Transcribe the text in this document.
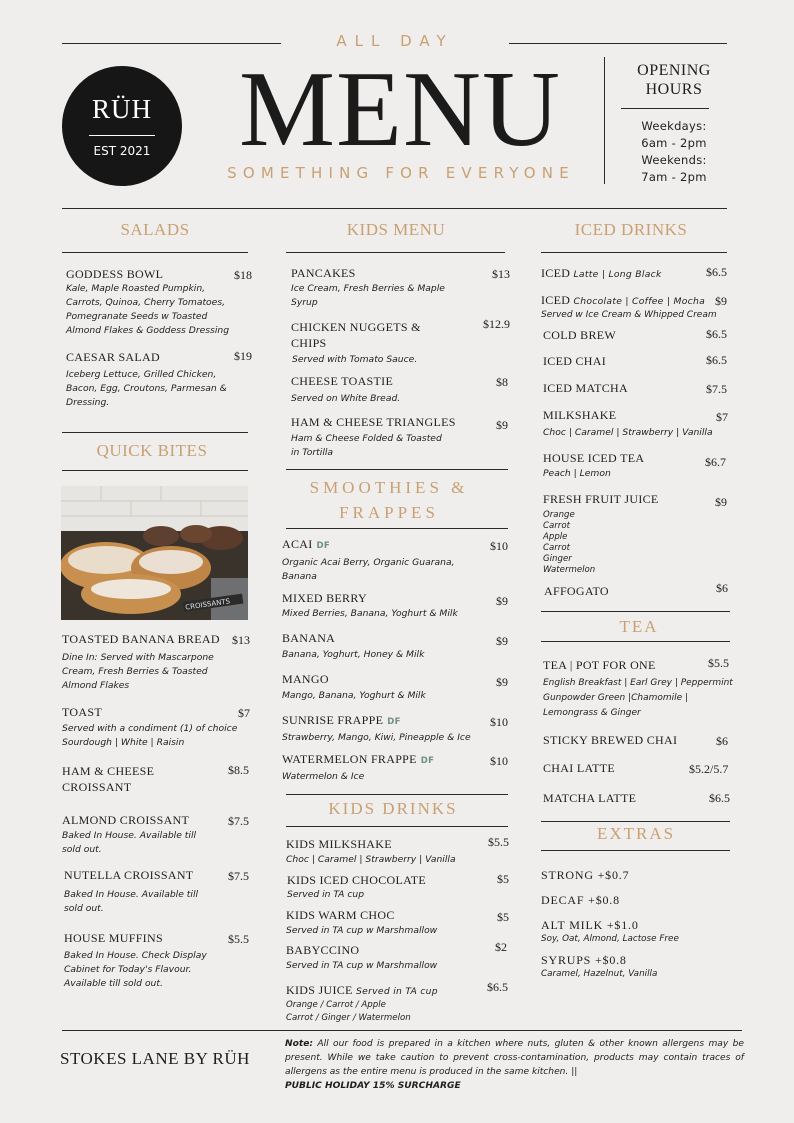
ALL DAY
RÜH
EST 2021 MENU
SOMETHING FOR EVERYONE
OPENING
HOURS
Weekdays:
6am - 2pm
Weekends:
7am - 2pm
SALADS
GODDESS BOWL	$18
Kale, Maple Roasted Pumpkin,
Carrots, Quinoa, Cherry Tomatoes,
Pomegranate Seeds w Toasted
Almond Flakes & Goddess Dressing
CAESAR SALAD	$19
Iceberg Lettuce, Grilled Chicken,
Bacon, Egg, Croutons, Parmesan &
Dressing.
QUICK BITES
CROISSANTS
TOASTED BANANA BREAD	$13
Dine In: Served with Mascarpone
Cream, Fresh Berries & Toasted
Almond Flakes
TOAST	$7
Served with a condiment (1) of choice
Sourdough | White | Raisin
HAM & CHEESE
CROISSANT
$8.5
ALMOND CROISSANT	$7.5
Baked In House. Available till
sold out.
NUTELLA CROISSANT	$7.5
Baked In House. Available till
sold out.
HOUSE MUFFINS	$5.5
Baked In House. Check Display
Cabinet for Today's Flavour.
Available till sold out.
KIDS MENU
PANCAKES	$13
Ice Cream, Fresh Berries & Maple
Syrup
CHICKEN NUGGETS &
CHIPS
$12.9
Served with Tomato Sauce.
CHEESE TOASTIE	$8
Served on White Bread.
HAM & CHEESE TRIANGLES	$9
Ham & Cheese Folded & Toasted
in Tortilla
SMOOTHIES &
FRAPPES
ACAI DF	$10
Organic Acai Berry, Organic Guarana,
Banana
MIXED BERRY	$9
Mixed Berries, Banana, Yoghurt & Milk
BANANA	$9
Banana, Yoghurt, Honey & Milk
MANGO	$9
Mango, Banana, Yoghurt & Milk
SUNRISE FRAPPE DF	$10
Strawberry, Mango, Kiwi, Pineapple & Ice
WATERMELON FRAPPE DF	$10
Watermelon & Ice
KIDS DRINKS
KIDS MILKSHAKE	$5.5
Choc | Caramel | Strawberry | Vanilla
KIDS ICED CHOCOLATE	$5
Served in TA cup
KIDS WARM CHOC	$5
Served in TA cup w Marshmallow
BABYCCINO	$2
Served in TA cup w Marshmallow
KIDS JUICE Served in TA cup	$6.5
Orange / Carrot / Apple
Carrot / Ginger / Watermelon
ICED DRINKS
ICED Latte | Long Black	$6.5
ICED Chocolate | Coffee | Mocha $9
Served w Ice Cream & Whipped Cream
COLD BREW	$6.5
ICED CHAI	$6.5
ICED MATCHA	$7.5
MILKSHAKE	$7
Choc | Caramel | Strawberry | Vanilla
HOUSE ICED TEA	$6.7
Peach | Lemon
FRESH FRUIT JUICE	$9
Orange
Carrot
Apple
Carrot
Ginger
Watermelon
AFFOGATO	$6
TEA
TEA | POT FOR ONE	$5.5
English Breakfast | Earl Grey | Peppermint
Gunpowder Green |Chamomile |
Lemongrass & Ginger
STICKY BREWED CHAI	$6
CHAI LATTE	$5.2/5.7
MATCHA LATTE	$6.5
EXTRAS
STRONG +$0.7
DECAF +$0.8
ALT MILK +$1.0
Soy, Oat, Almond, Lactose Free
SYRUPS +$0.8
Caramel, Hazelnut, Vanilla
STOKES LANE BY RÜH
Note: All our food is prepared in a kitchen where nuts, gluten & other known allergens may be present. While we take caution to prevent cross-contamination, products may contain traces of allergens as the entire menu is produced in the same kitchen. ||
PUBLIC HOLIDAY 15% SURCHARGE
